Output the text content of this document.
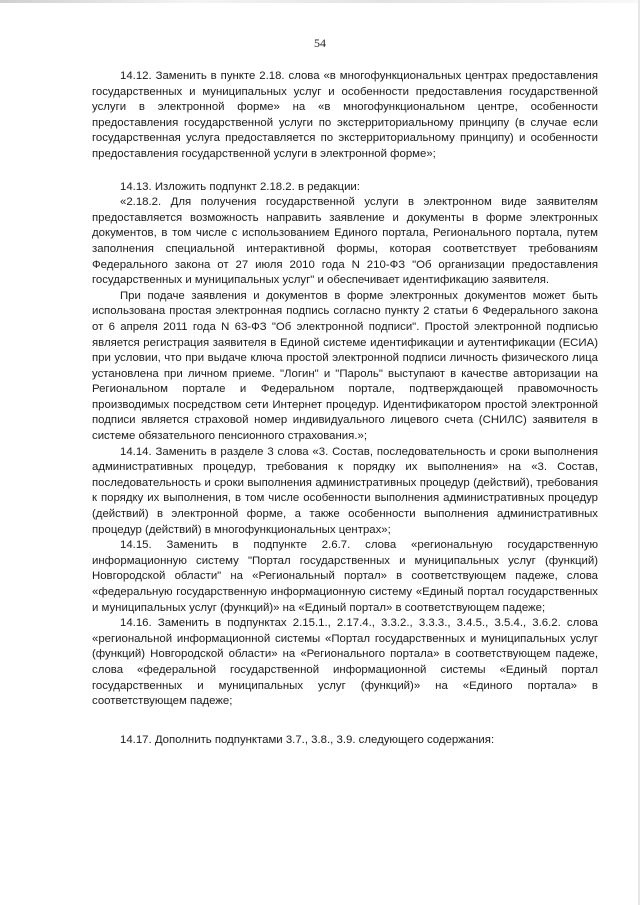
54

14.12. Заменить в пункте 2.18. слова «в многофункциональных центрах предоставления государственных и муниципальных услуг и особенности предоставления государственной услуги в электронной форме» на «в многофункциональном центре, особенности предоставления государственной услуги по экстерриториальному принципу (в случае если государственная услуга предоставляется по экстерриториальному принципу) и особенности предоставления государственной услуги в электронной форме»;

14.13. Изложить подпункт 2.18.2. в редакции:

«2.18.2. Для получения государственной услуги в электронном виде заявителям предоставляется возможность направить заявление и документы в форме электронных документов, в том числе с использованием Единого портала, Регионального портала, путем заполнения специальной интерактивной формы, которая соответствует требованиям Федерального закона от 27 июля 2010 года N 210-ФЗ "Об организации предоставления государственных и муниципальных услуг" и обеспечивает идентификацию заявителя.

При подаче заявления и документов в форме электронных документов может быть использована простая электронная подпись согласно пункту 2 статьи 6 Федерального закона от 6 апреля 2011 года N 63-ФЗ "Об электронной подписи". Простой электронной подписью является регистрация заявителя в Единой системе идентификации и аутентификации (ЕСИА) при условии, что при выдаче ключа простой электронной подписи личность физического лица установлена при личном приеме. "Логин" и "Пароль" выступают в качестве авторизации на Региональном портале и Федеральном портале, подтверждающей правомочность производимых посредством сети Интернет процедур. Идентификатором простой электронной подписи является страховой номер индивидуального лицевого счета (СНИЛС) заявителя в системе обязательного пенсионного страхования.»;

14.14. Заменить в разделе 3 слова «3. Состав, последовательность и сроки выполнения административных процедур, требования к порядку их выполнения» на «3. Состав, последовательность и сроки выполнения административных процедур (действий), требования к порядку их выполнения, в том числе особенности выполнения административных процедур (действий) в электронной форме, а также особенности выполнения административных процедур (действий) в многофункциональных центрах»;

14.15. Заменить в подпункте 2.6.7. слова «региональную государственную информационную систему "Портал государственных и муниципальных услуг (функций) Новгородской области" на «Региональный портал» в соответствующем падеже, слова «федеральную государственную информационную систему «Единый портал государственных и муниципальных услуг (функций)» на «Единый портал» в соответствующем падеже;

14.16. Заменить в подпунктах 2.15.1., 2.17.4., 3.3.2., 3.3.3., 3.4.5., 3.5.4., 3.6.2. слова «региональной информационной системы «Портал государственных и муниципальных услуг (функций) Новгородской области» на «Регионального портала» в соответствующем падеже, слова «федеральной государственной информационной системы «Единый портал государственных и муниципальных услуг (функций)» на «Единого портала» в соответствующем падеже;

14.17. Дополнить подпунктами 3.7., 3.8., 3.9. следующего содержания:
